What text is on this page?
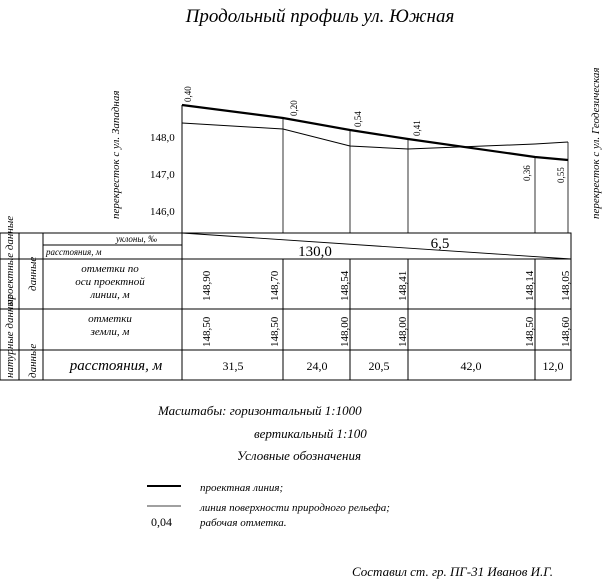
Продольный профиль ул. Южная
перекресток с ул. Западная	перекресток с ул. Геодезическая
148,0
147,0
146,0
0,40
0,20
0,54
0,41
0,36	0,55
проектные данные
натурные данные
данные
данные
уклоны, ‰
расстояния, м
отметки по
оси проектной
линии, м
отметки
земли, м
расстояния, м
130,0	6,5
148,90	148,70	148,54	148,41	148,14 148,05
148,50	148,50	148,00	148,00	148,50 148,60
31,5	24,0	20,5	42,0	12,0
Масштабы: горизонтальный 1:1000
вертикальный 1:100
Условные обозначения
проектная линия;
линия поверхности природного рельефа;
0,04	рабочая отметка.
Составил ст. гр. ПГ-31 Иванов И.Г.
